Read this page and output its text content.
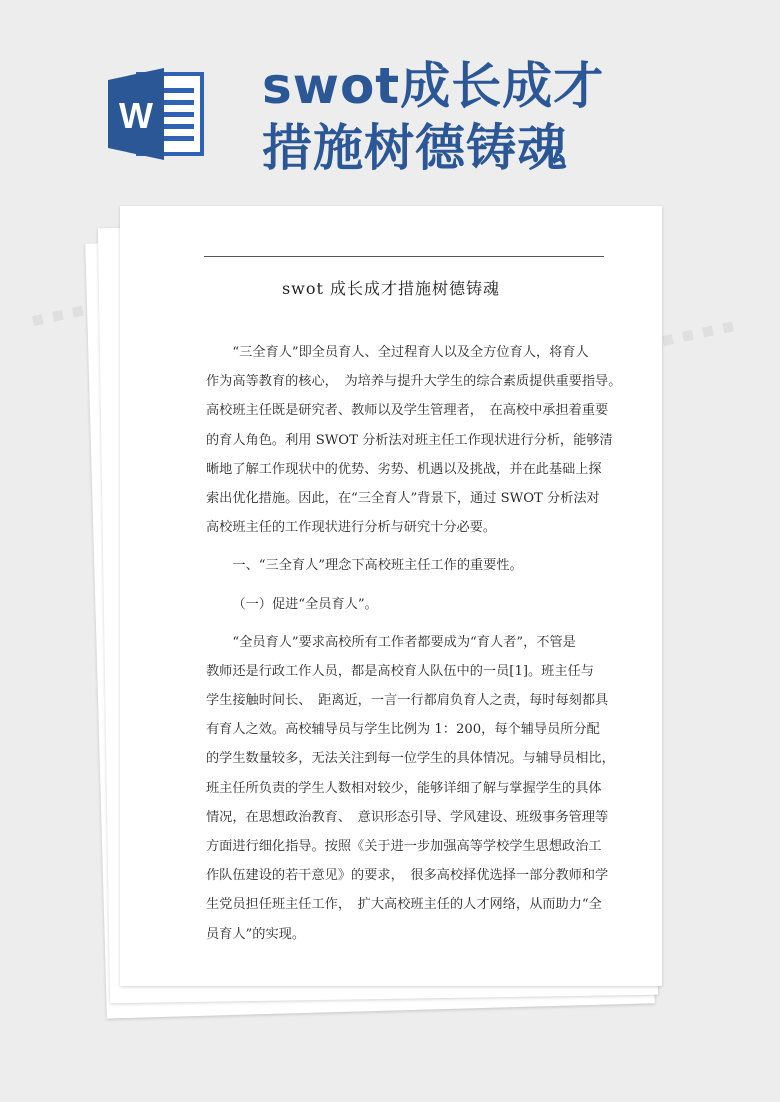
W
swot成长成才
措施树德铸魂
▪ ▪ ▪ ▪
▪ ▪ ▪ ▪
swot 成长成才措施树德铸魂

“三全育人”即全员育人、全过程育人以及全方位育人，将育人

作为高等教育的核心，　为培养与提升大学生的综合素质提供重要指导。

高校班主任既是研究者、教师以及学生管理者，　在高校中承担着重要

的育人角色。利用 SWOT 分析法对班主任工作现状进行分析，能够清

晰地了解工作现状中的优势、劣势、机遇以及挑战，并在此基础上探

索出优化措施。因此，在“三全育人”背景下，通过 SWOT 分析法对

高校班主任的工作现状进行分析与研究十分必要。

一、“三全育人”理念下高校班主任工作的重要性。

（一）促进“全员育人”。

“全员育人”要求高校所有工作者都要成为“育人者”，不管是

教师还是行政工作人员，都是高校育人队伍中的一员[1]。班主任与

学生接触时间长、　距离近，一言一行都肩负育人之责，每时每刻都具

有育人之效。高校辅导员与学生比例为 1：200，每个辅导员所分配

的学生数量较多，无法关注到每一位学生的具体情况。与辅导员相比，

班主任所负责的学生人数相对较少，能够详细了解与掌握学生的具体

情况，在思想政治教育、　意识形态引导、学风建设、班级事务管理等

方面进行细化指导。按照《关于进一步加强高等学校学生思想政治工

作队伍建设的若干意见》的要求，　很多高校择优选择一部分教师和学

生党员担任班主任工作，　扩大高校班主任的人才网络，从而助力“全

员育人”的实现。
